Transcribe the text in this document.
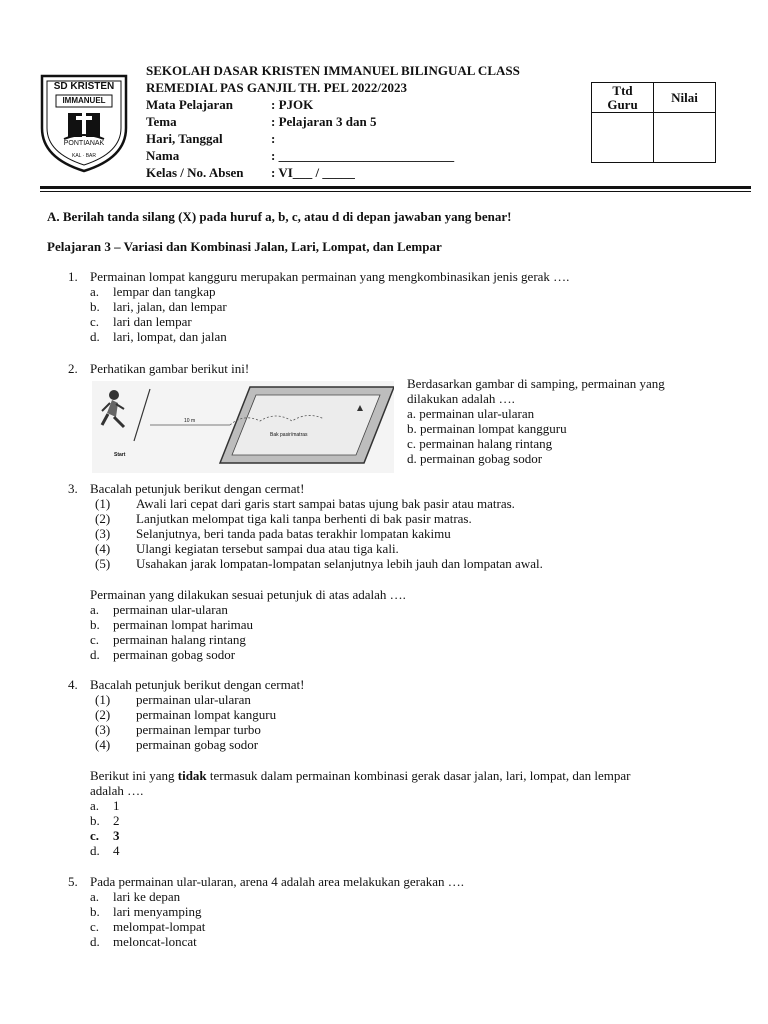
SD KRISTEN
IMMANUEL
PONTIANAK
KAL · BAR
SEKOLAH DASAR KRISTEN IMMANUEL BILINGUAL CLASS
REMEDIAL PAS GANJIL TH. PEL 2022/2023
Mata Pelajaran	: PJOK
Tema	: Pelajaran 3 dan 5
Hari, Tanggal	:
Nama	: ___________________________
Kelas / No. Absen : VI___ / _____
Ttd
Guru	Nilai

A. Berilah tanda silang (X) pada huruf a, b, c, atau d di depan jawaban yang benar!
Pelajaran 3 – Variasi dan Kombinasi Jalan, Lari, Lompat, dan Lempar
1. Permainan lompat kangguru merupakan permainan yang mengkombinasikan jenis gerak ….
a. lempar dan tangkap
b. lari, jalan, dan lempar
c. lari dan lempar
d. lari, lompat, dan jalan
2. Perhatikan gambar berikut ini!
10 m
Bak pasir/matras
Start
Berdasarkan gambar di samping, permainan yang
dilakukan adalah ….
a. permainan ular-ularan
b. permainan lompat kangguru
c. permainan halang rintang
d. permainan gobag sodor
3. Bacalah petunjuk berikut dengan cermat!
(1) Awali lari cepat dari garis start sampai batas ujung bak pasir atau matras.
(2) Lanjutkan melompat tiga kali tanpa berhenti di bak pasir matras.
(3) Selanjutnya, beri tanda pada batas terakhir lompatan kakimu
(4) Ulangi kegiatan tersebut sampai dua atau tiga kali.
(5) Usahakan jarak lompatan-lompatan selanjutnya lebih jauh dan lompatan awal.
Permainan yang dilakukan sesuai petunjuk di atas adalah ….
a. permainan ular-ularan
b. permainan lompat harimau
c. permainan halang rintang
d. permainan gobag sodor
4. Bacalah petunjuk berikut dengan cermat!
(1) permainan ular-ularan
(2) permainan lompat kanguru
(3) permainan lempar turbo
(4) permainan gobag sodor
Berikut ini yang tidak termasuk dalam permainan kombinasi gerak dasar jalan, lari, lompat, dan lempar
adalah ….
a. 1
b. 2
c. 3
d. 4
5. Pada permainan ular-ularan, arena 4 adalah area melakukan gerakan ….
a. lari ke depan
b. lari menyamping
c. melompat-lompat
d. meloncat-loncat
